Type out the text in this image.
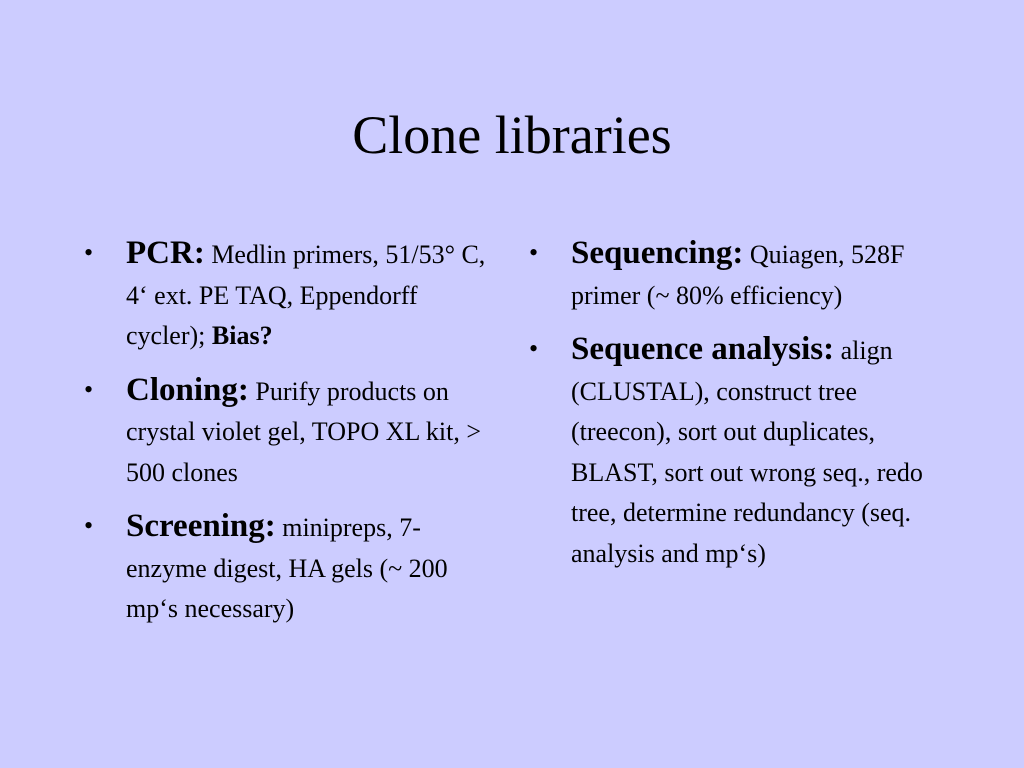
Clone libraries
• PCR: Medlin primers, 51/53° C, 4‘ ext. PE TAQ, Eppendorff cycler); Bias?
• Cloning: Purify products on crystal violet gel, TOPO XL kit, > 500 clones
• Screening: minipreps, 7-enzyme digest, HA gels (~ 200 mp‘s necessary)
• Sequencing: Quiagen, 528F primer (~ 80% efficiency)
• Sequence analysis: align (CLUSTAL), construct tree (treecon), sort out duplicates, BLAST, sort out wrong seq., redo tree, determine redundancy (seq. analysis and mp‘s)
